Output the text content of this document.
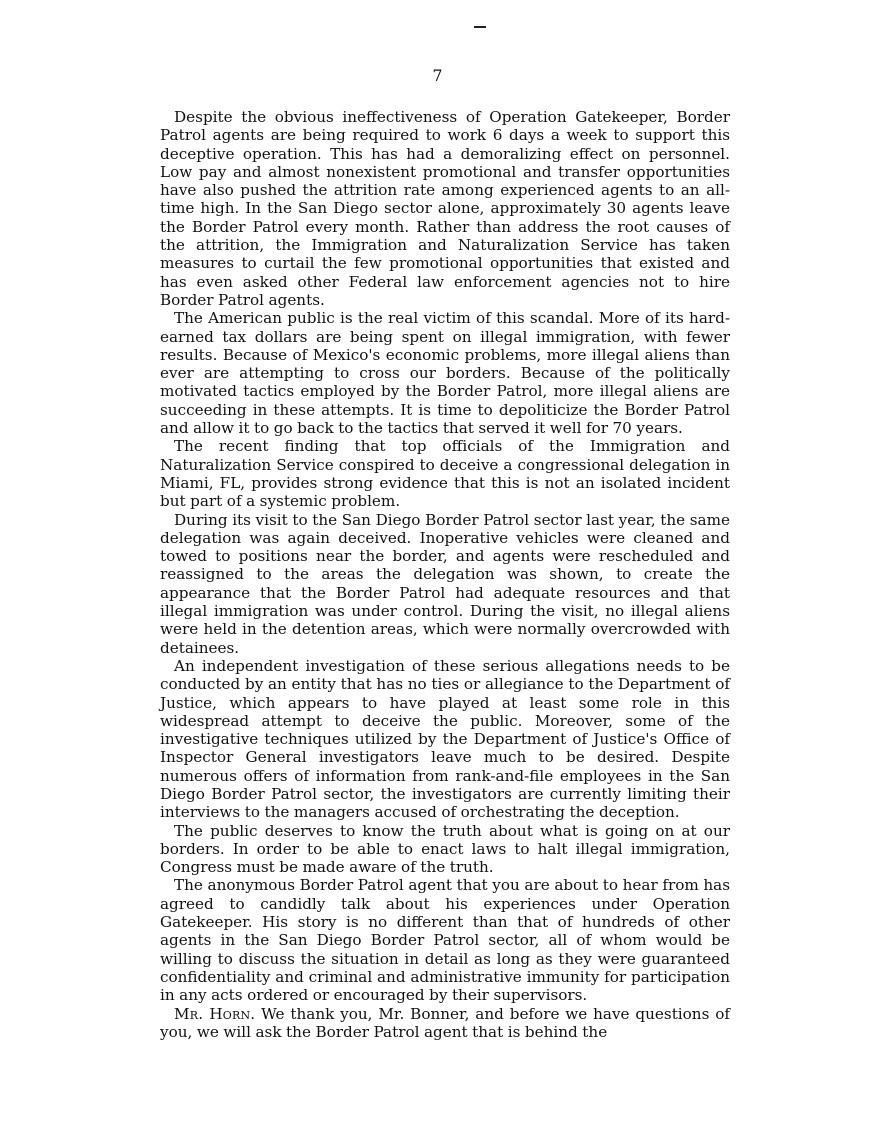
7

Despite the obvious ineffectiveness of Operation Gatekeeper, Border Patrol agents are being required to work 6 days a week to support this deceptive operation. This has had a demoralizing effect on personnel. Low pay and almost nonexistent promotional and transfer opportunities have also pushed the attrition rate among experienced agents to an all-time high. In the San Diego sector alone, approximately 30 agents leave the Border Patrol every month. Rather than address the root causes of the attrition, the Immigration and Naturalization Service has taken measures to curtail the few promotional opportunities that existed and has even asked other Federal law enforcement agencies not to hire Border Patrol agents.

The American public is the real victim of this scandal. More of its hard-earned tax dollars are being spent on illegal immigration, with fewer results. Because of Mexico's economic problems, more illegal aliens than ever are attempting to cross our borders. Because of the politically motivated tactics employed by the Border Patrol, more illegal aliens are succeeding in these attempts. It is time to depoliticize the Border Patrol and allow it to go back to the tactics that served it well for 70 years.

The recent finding that top officials of the Immigration and Naturalization Service conspired to deceive a congressional delegation in Miami, FL, provides strong evidence that this is not an isolated incident but part of a systemic problem.

During its visit to the San Diego Border Patrol sector last year, the same delegation was again deceived. Inoperative vehicles were cleaned and towed to positions near the border, and agents were rescheduled and reassigned to the areas the delegation was shown, to create the appearance that the Border Patrol had adequate resources and that illegal immigration was under control. During the visit, no illegal aliens were held in the detention areas, which were normally overcrowded with detainees.

An independent investigation of these serious allegations needs to be conducted by an entity that has no ties or allegiance to the Department of Justice, which appears to have played at least some role in this widespread attempt to deceive the public. Moreover, some of the investigative techniques utilized by the Department of Justice's Office of Inspector General investigators leave much to be desired. Despite numerous offers of information from rank-and-file employees in the San Diego Border Patrol sector, the investigators are currently limiting their interviews to the managers accused of orchestrating the deception.

The public deserves to know the truth about what is going on at our borders. In order to be able to enact laws to halt illegal immigration, Congress must be made aware of the truth.

The anonymous Border Patrol agent that you are about to hear from has agreed to candidly talk about his experiences under Operation Gatekeeper. His story is no different than that of hundreds of other agents in the San Diego Border Patrol sector, all of whom would be willing to discuss the situation in detail as long as they were guaranteed confidentiality and criminal and administrative immunity for participation in any acts ordered or encouraged by their supervisors.

Mr. Horn. We thank you, Mr. Bonner, and before we have questions of you, we will ask the Border Patrol agent that is behind the
